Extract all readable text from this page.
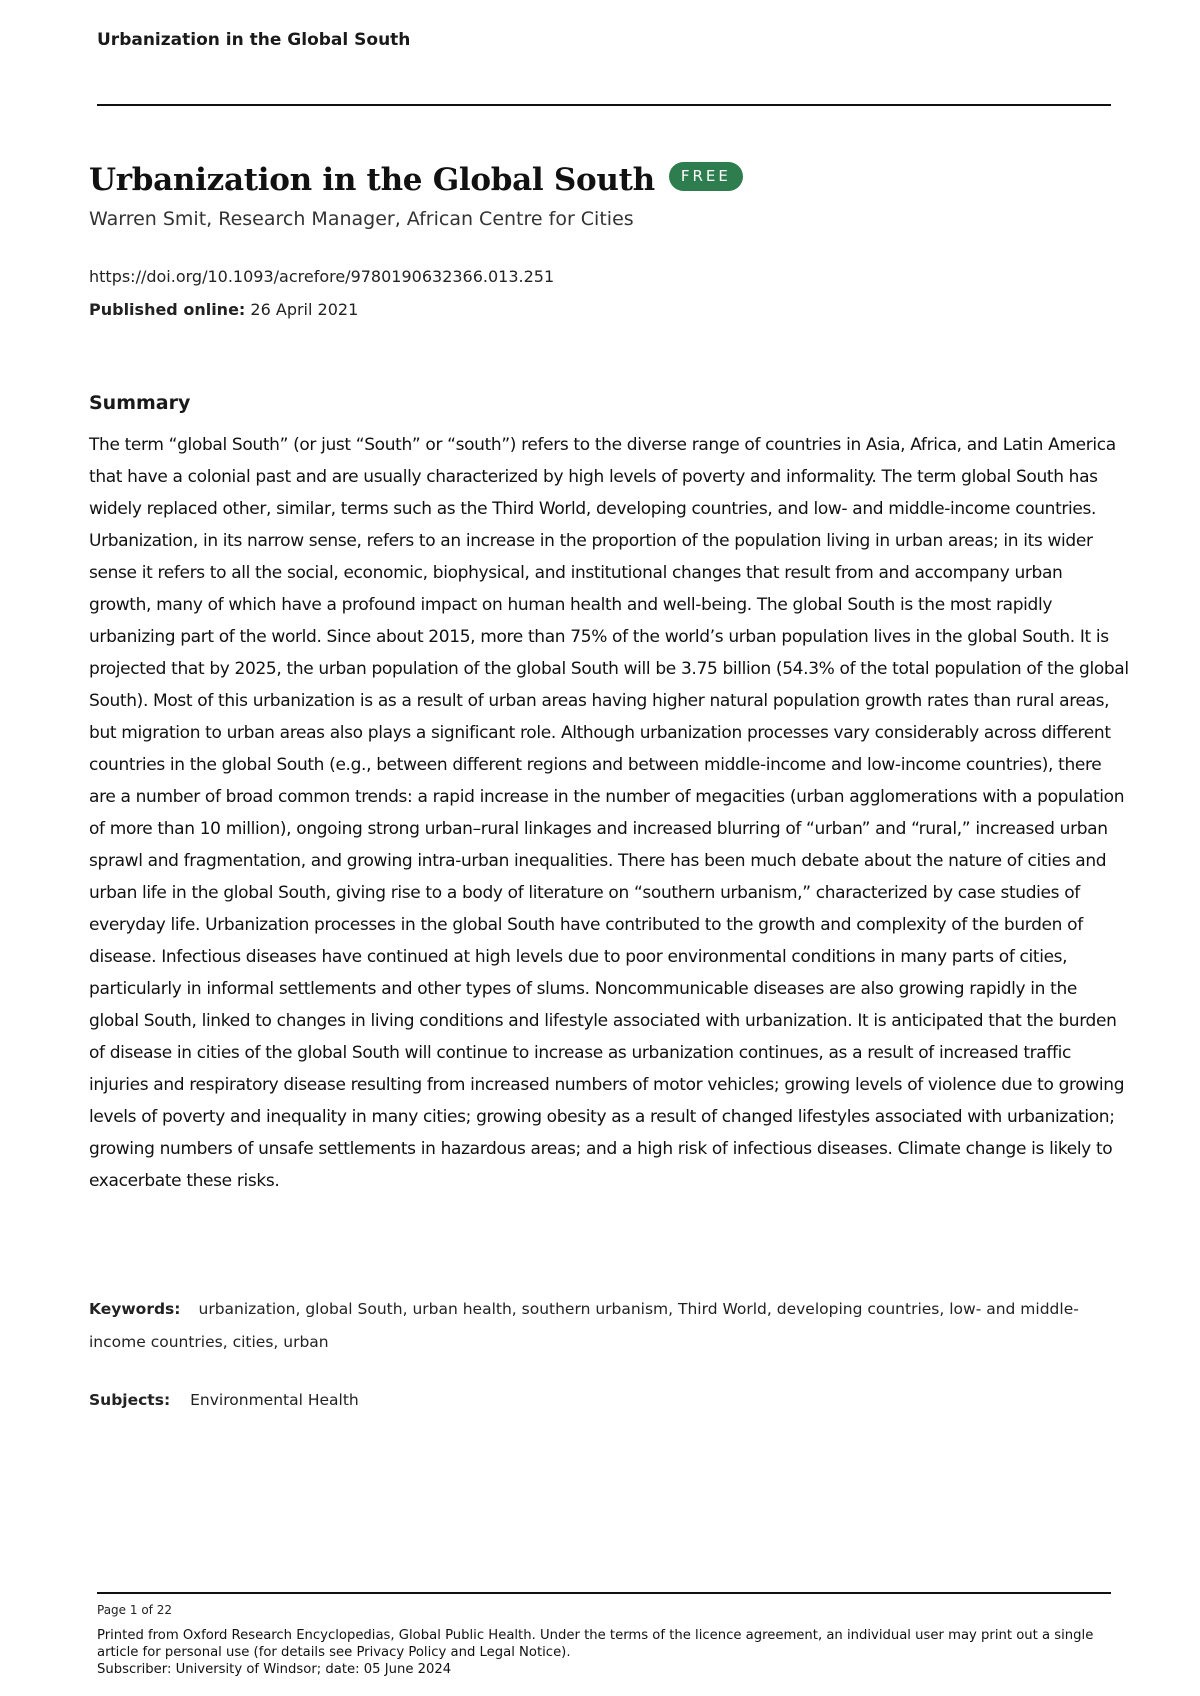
Urbanization in the Global South
Urbanization in the Global South	FREE
Warren Smit, Research Manager, African Centre for Cities
https://doi.org/10.1093/acrefore/9780190632366.013.251
Published online: 26 April 2021
Summary
The term “global South” (or just “South” or “south”) refers to the diverse range of countries in Asia, Africa, and Latin America that have a colonial past and are usually characterized by high levels of poverty and informality. The term global South has widely replaced other, similar, terms such as the Third World, developing countries, and low- and middle-income countries. Urbanization, in its narrow sense, refers to an increase in the proportion of the population living in urban areas; in its wider sense it refers to all the social, economic, biophysical, and institutional changes that result from and accompany urban growth, many of which have a profound impact on human health and well-being. The global South is the most rapidly urbanizing part of the world. Since about 2015, more than 75% of the world’s urban population lives in the global South. It is projected that by 2025, the urban population of the global South will be 3.75 billion (54.3% of the total population of the global South). Most of this urbanization is as a result of urban areas having higher natural population growth rates than rural areas, but migration to urban areas also plays a significant role. Although urbanization processes vary considerably across different countries in the global South (e.g., between different regions and between middle-income and low-income countries), there are a number of broad common trends: a rapid increase in the number of megacities (urban agglomerations with a population of more than 10 million), ongoing strong urban–rural linkages and increased blurring of “urban” and “rural,” increased urban sprawl and fragmentation, and growing intra-urban inequalities. There has been much debate about the nature of cities and urban life in the global South, giving rise to a body of literature on “southern urbanism,” characterized by case studies of everyday life. Urbanization processes in the global South have contributed to the growth and complexity of the burden of disease. Infectious diseases have continued at high levels due to poor environmental conditions in many parts of cities, particularly in informal settlements and other types of slums. Noncommunicable diseases are also growing rapidly in the global South, linked to changes in living conditions and lifestyle associated with urbanization. It is anticipated that the burden of disease in cities of the global South will continue to increase as urbanization continues, as a result of increased traffic injuries and respiratory disease resulting from increased numbers of motor vehicles; growing levels of violence due to growing levels of poverty and inequality in many cities; growing obesity as a result of changed lifestyles associated with urbanization; growing numbers of unsafe settlements in hazardous areas; and a high risk of infectious diseases. Climate change is likely to exacerbate these risks.
Keywords: urbanization, global South, urban health, southern urbanism, Third World, developing countries, low- and middle-income countries, cities, urban
Subjects: Environmental Health
Page 1 of 22
Printed from Oxford Research Encyclopedias, Global Public Health. Under the terms of the licence agreement, an individual user may print out a single article for personal use (for details see Privacy Policy and Legal Notice).
Subscriber: University of Windsor; date: 05 June 2024
